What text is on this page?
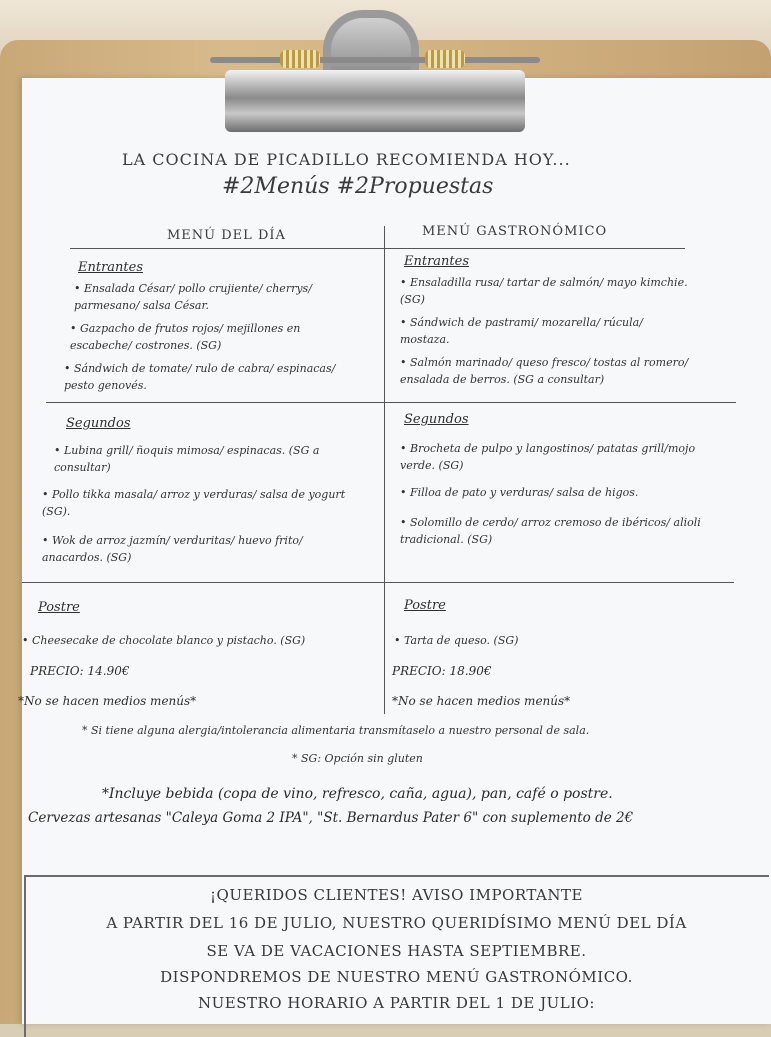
LA COCINA DE PICADILLO RECOMIENDA HOY...
#2Menús #2Propuestas
MENÚ DEL DÍA	MENÚ GASTRONÓMICO
Entrantes
• Ensalada César/ pollo crujiente/ cherrys/ parmesano/ salsa César.
• Gazpacho de frutos rojos/ mejillones en escabeche/ costrones. (SG)
• Sándwich de tomate/ rulo de cabra/ espinacas/ pesto genovés.
Segundos
• Lubina grill/ ñoquis mimosa/ espinacas. (SG a consultar)
• Pollo tikka masala/ arroz y verduras/ salsa de yogurt (SG).
• Wok de arroz jazmín/ verduritas/ huevo frito/ anacardos. (SG)
Postre
• Cheesecake de chocolate blanco y pistacho. (SG)
PRECIO: 14.90€
*No se hacen medios menús*
Entrantes
• Ensaladilla rusa/ tartar de salmón/ mayo kimchie. (SG)
• Sándwich de pastrami/ mozarella/ rúcula/ mostaza.
• Salmón marinado/ queso fresco/ tostas al romero/ ensalada de berros. (SG a consultar)
Segundos
• Brocheta de pulpo y langostinos/ patatas grill/mojo verde. (SG)
• Filloa de pato y verduras/ salsa de higos.
• Solomillo de cerdo/ arroz cremoso de ibéricos/ alioli tradicional. (SG)
Postre
• Tarta de queso. (SG)
PRECIO: 18.90€
*No se hacen medios menús*
* Si tiene alguna alergia/intolerancia alimentaria transmítaselo a nuestro personal de sala.
* SG: Opción sin gluten
*Incluye bebida (copa de vino, refresco, caña, agua), pan, café o postre.
Cervezas artesanas "Caleya Goma 2 IPA", "St. Bernardus Pater 6" con suplemento de 2€
¡QUERIDOS CLIENTES! AVISO IMPORTANTE
A PARTIR DEL 16 DE JULIO, NUESTRO QUERIDÍSIMO MENÚ DEL DÍA
SE VA DE VACACIONES HASTA SEPTIEMBRE.
DISPONDREMOS DE NUESTRO MENÚ GASTRONÓMICO.
NUESTRO HORARIO A PARTIR DEL 1 DE JULIO:
